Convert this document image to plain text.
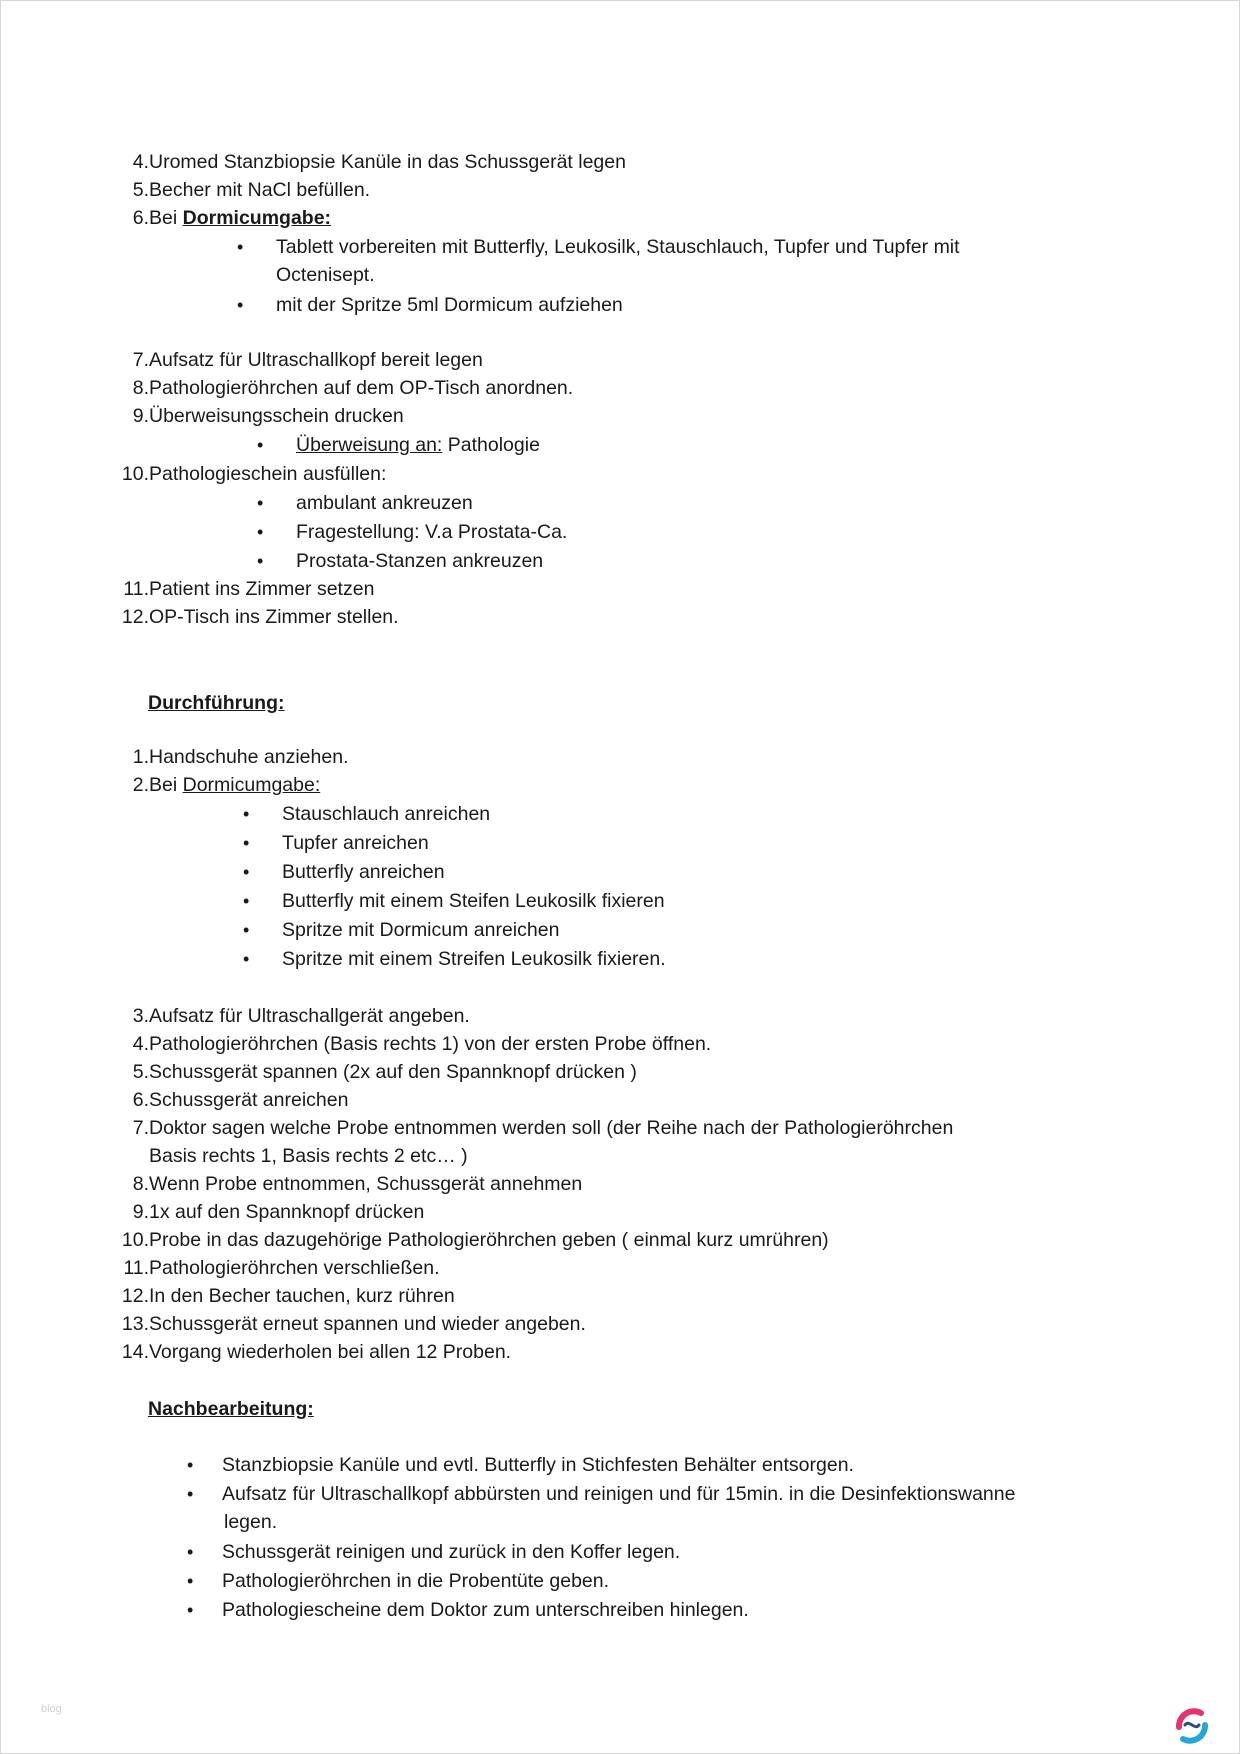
4. Uromed Stanzbiopsie Kanüle in das Schussgerät legen
5. Becher mit NaCl befüllen.
6. Bei Dormicumgabe:
• Tablett vorbereiten mit Butterfly, Leukosilk, Stauschlauch, Tupfer und Tupfer mit
Octenisept.
• mit der Spritze 5ml Dormicum aufziehen
7. Aufsatz für Ultraschallkopf bereit legen
8. Pathologieröhrchen auf dem OP-Tisch anordnen.
9. Überweisungsschein drucken
• Überweisung an: Pathologie
10. Pathologieschein ausfüllen:
• ambulant ankreuzen
• Fragestellung: V.a Prostata-Ca.
• Prostata-Stanzen ankreuzen
11. Patient ins Zimmer setzen
12. OP-Tisch ins Zimmer stellen.
Durchführung:
1. Handschuhe anziehen.
2. Bei Dormicumgabe:
• Stauschlauch anreichen
• Tupfer anreichen
• Butterfly anreichen
• Butterfly mit einem Steifen Leukosilk fixieren
• Spritze mit Dormicum anreichen
• Spritze mit einem Streifen Leukosilk fixieren.
3. Aufsatz für Ultraschallgerät angeben.
4. Pathologieröhrchen (Basis rechts 1) von der ersten Probe öffnen.
5. Schussgerät spannen (2x auf den Spannknopf drücken )
6. Schussgerät anreichen
7. Doktor sagen welche Probe entnommen werden soll (der Reihe nach der Pathologieröhrchen
Basis rechts 1, Basis rechts 2 etc… )
8. Wenn Probe entnommen, Schussgerät annehmen
9. 1x auf den Spannknopf drücken
10. Probe in das dazugehörige Pathologieröhrchen geben ( einmal kurz umrühren)
11. Pathologieröhrchen verschließen.
12. In den Becher tauchen, kurz rühren
13. Schussgerät erneut spannen und wieder angeben.
14. Vorgang wiederholen bei allen 12 Proben.
Nachbearbeitung:
• Stanzbiopsie Kanüle und evtl. Butterfly in Stichfesten Behälter entsorgen.
• Aufsatz für Ultraschallkopf abbürsten und reinigen und für 15min. in die Desinfektionswanne
legen.
• Schussgerät reinigen und zurück in den Koffer legen.
• Pathologieröhrchen in die Probentüte geben.
• Pathologiescheine dem Doktor zum unterschreiben hinlegen.
blog
